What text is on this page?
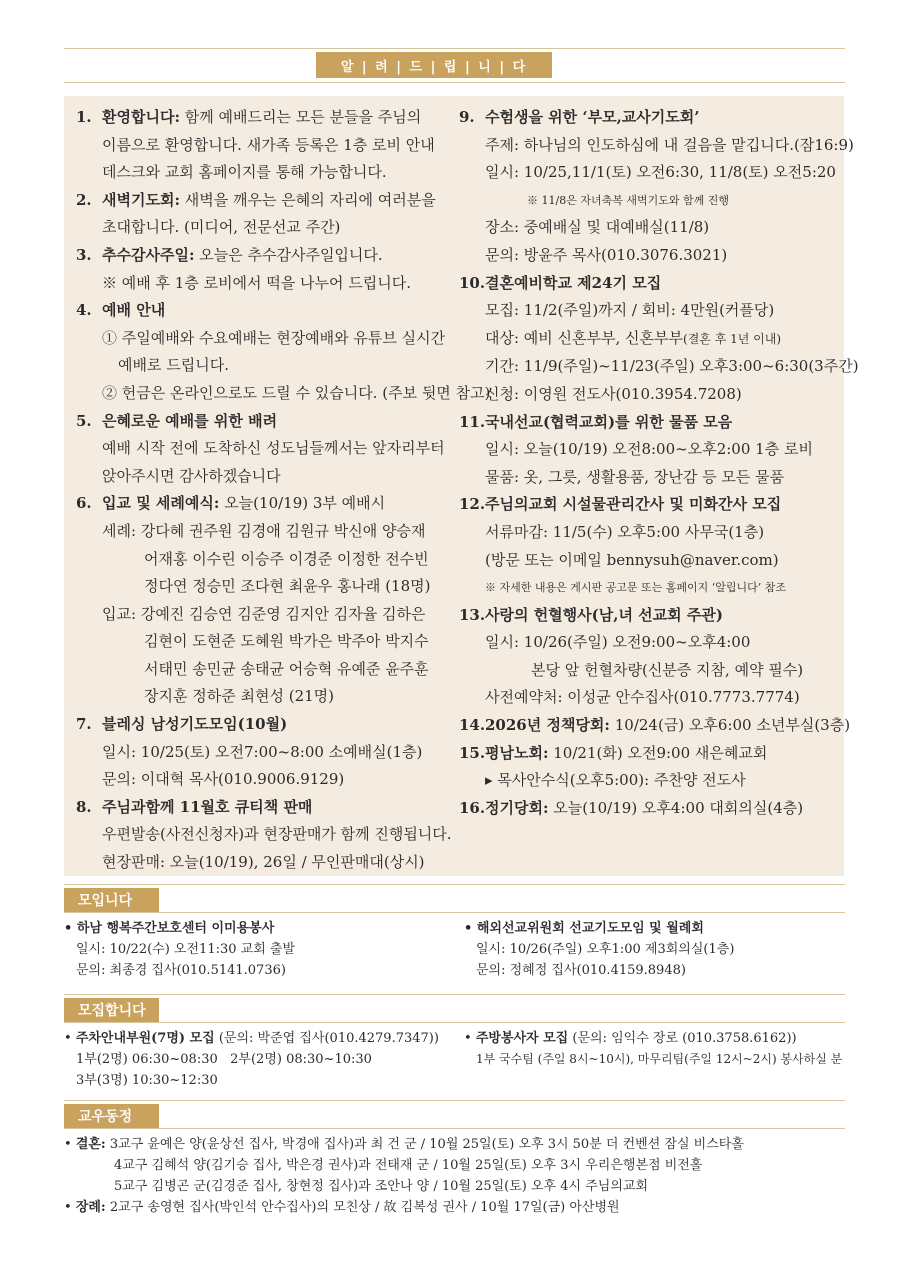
알 | 려 | 드 | 립 | 니 | 다
1. 환영합니다: 함께 예배드리는 모든 분들을 주님의
이름으로 환영합니다. 새가족 등록은 1층 로비 안내
데스크와 교회 홈페이지를 통해 가능합니다.
2. 새벽기도회: 새벽을 깨우는 은혜의 자리에 여러분을
초대합니다. (미디어, 전문선교 주간)
3. 추수감사주일: 오늘은 추수감사주일입니다.
※ 예배 후 1층 로비에서 떡을 나누어 드립니다.
4. 예배 안내
① 주일예배와 수요예배는 현장예배와 유튜브 실시간
예배로 드립니다.
② 헌금은 온라인으로도 드릴 수 있습니다. (주보 뒷면 참고)
5. 은혜로운 예배를 위한 배려
예배 시작 전에 도착하신 성도님들께서는 앞자리부터
앉아주시면 감사하겠습니다
6. 입교 및 세례예식: 오늘(10/19) 3부 예배시
세례: 강다혜 권주원 김경애 김원규 박신애 양승재
어재홍 이수린 이승주 이경준 이정한 전수빈
정다연 정승민 조다현 최윤우 홍나래 (18명)
입교: 강예진 김승연 김준영 김지안 김자율 김하은
김현이 도현준 도혜원 박가은 박주아 박지수
서태민 송민균 송태균 어승혁 유예준 윤주훈
장지훈 정하준 최현성 (21명)
7. 블레싱 남성기도모임(10월)
일시: 10/25(토) 오전7:00~8:00 소예배실(1층)
문의: 이대혁 목사(010.9006.9129)
8. 주님과함께 11월호 큐티책 판매
우편발송(사전신청자)과 현장판매가 함께 진행됩니다.
현장판매: 오늘(10/19), 26일 / 무인판매대(상시)
9. 수험생을 위한 ‘부모,교사기도회’
주제: 하나님의 인도하심에 내 걸음을 맡깁니다.(잠16:9)
일시: 10/25,11/1(토) 오전6:30, 11/8(토) 오전5:20
※ 11/8은 자녀축복 새벽기도와 함께 진행
장소: 중예배실 및 대예배실(11/8)
문의: 방윤주 목사(010.3076.3021)
10. 결혼예비학교 제24기 모집
모집: 11/2(주일)까지 / 회비: 4만원(커플당)
대상: 예비 신혼부부, 신혼부부(결혼 후 1년 이내)
기간: 11/9(주일)~11/23(주일) 오후3:00~6:30(3주간)
신청: 이영원 전도사(010.3954.7208)
11. 국내선교(협력교회)를 위한 물품 모음
일시: 오늘(10/19) 오전8:00~오후2:00 1층 로비
물품: 옷, 그릇, 생활용품, 장난감 등 모든 물품
12. 주님의교회 시설물관리간사 및 미화간사 모집
서류마감: 11/5(수) 오후5:00 사무국(1층)
(방문 또는 이메일 bennysuh@naver.com)
※ 자세한 내용은 게시판 공고문 또는 홈페이지 ‘알립니다’ 참조
13. 사랑의 헌혈행사(남,녀 선교회 주관)
일시: 10/26(주일) 오전9:00~오후4:00
본당 앞 헌혈차량(신분증 지참, 예약 필수)
사전예약처: 이성균 안수집사(010.7773.7774)
14. 2026년 정책당회: 10/24(금) 오후6:00 소년부실(3층)
15. 평남노회: 10/21(화) 오전9:00 새은혜교회
▸ 목사안수식(오후5:00): 주찬양 전도사
16. 정기당회: 오늘(10/19) 오후4:00 대회의실(4층)
모입니다
• 하남 행복주간보호센터 이미용봉사
일시: 10/22(수) 오전11:30 교회 출발
문의: 최종경 집사(010.5141.0736)
• 해외선교위원회 선교기도모임 및 월례회
일시: 10/26(주일) 오후1:00 제3회의실(1층)
문의: 정혜정 집사(010.4159.8948)
모집합니다
• 주차안내부원(7명) 모집 (문의: 박준엽 집사(010.4279.7347))
1부(2명) 06:30~08:30   2부(2명) 08:30~10:30
3부(3명) 10:30~12:30
• 주방봉사자 모집 (문의: 임익수 장로 (010.3758.6162))
1부 국수팀 (주일 8시~10시), 마무리팀(주일 12시~2시) 봉사하실 분
교우동정
• 결혼: 3교구 윤예은 양(윤상선 집사, 박경애 집사)과 최 건 군 / 10월 25일(토) 오후 3시 50분 더 컨벤션 잠실 비스타홀
4교구 김혜석 양(김기승 집사, 박은경 권사)과 전태재 군 / 10월 25일(토) 오후 3시 우리은행본점 비전홀
5교구 김병곤 군(김경준 집사, 창현정 집사)과 조안나 양 / 10월 25일(토) 오후 4시 주님의교회
• 장례: 2교구 송영현 집사(박인석 안수집사)의 모친상 / 故 김복성 권사 / 10월 17일(금) 아산병원
